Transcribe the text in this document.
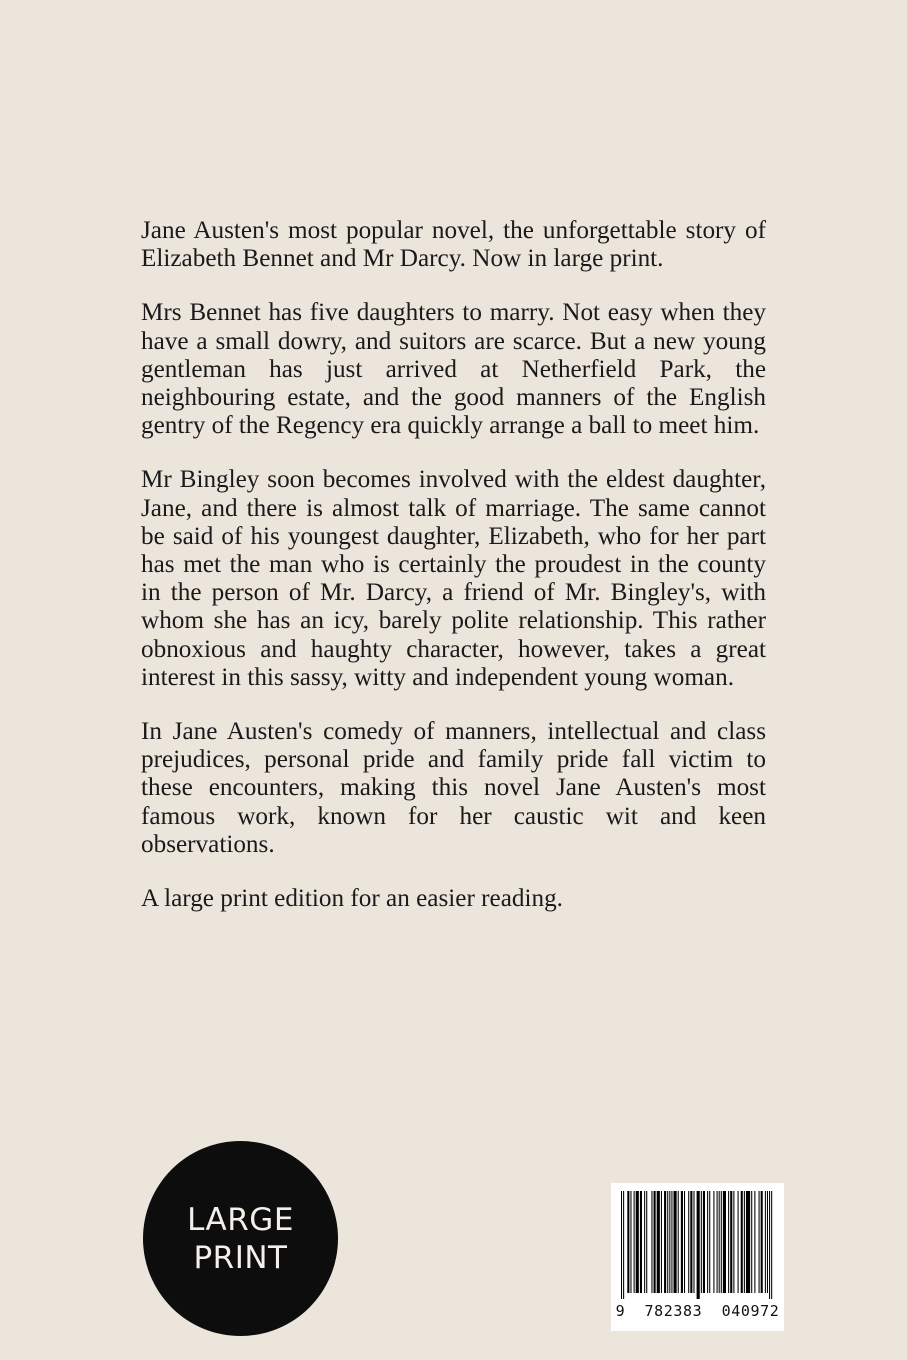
Jane Austen's most popular novel, the unforgettable story of Elizabeth Bennet and Mr Darcy. Now in large print.

Mrs Bennet has five daughters to marry. Not easy when they have a small dowry, and suitors are scarce. But a new young gentleman has just arrived at Netherfield Park, the neighbouring estate, and the good manners of the English gentry of the Regency era quickly arrange a ball to meet him.

Mr Bingley soon becomes involved with the eldest daughter, Jane, and there is almost talk of marriage. The same cannot be said of his youngest daughter, Elizabeth, who for her part has met the man who is certainly the proudest in the county in the person of Mr. Darcy, a friend of Mr. Bingley's, with whom she has an icy, barely polite relationship. This rather obnoxious and haughty character, however, takes a great interest in this sassy, witty and independent young woman.

In Jane Austen's comedy of manners, intellectual and class prejudices, personal pride and family pride fall victim to these encounters, making this novel Jane Austen's most famous work, known for her caustic wit and keen observations.

A large print edition for an easier reading.

LARGE
PRINT
9  782383  040972
